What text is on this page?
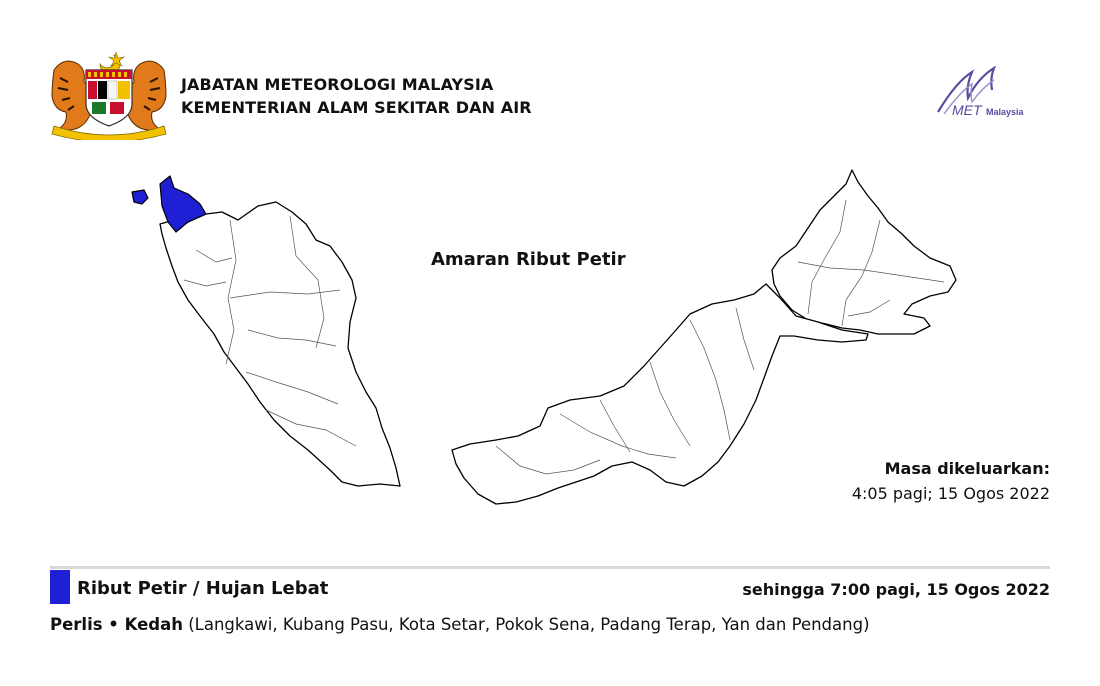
JABATAN METEOROLOGI MALAYSIA
KEMENTERIAN ALAM SEKITAR DAN AIR	MET Malaysia
Amaran Ribut Petir
Masa dikeluarkan:
4:05 pagi; 15 Ogos 2022
Ribut Petir / Hujan Lebat	sehingga 7:00 pagi, 15 Ogos 2022
Perlis • Kedah (Langkawi, Kubang Pasu, Kota Setar, Pokok Sena, Padang Terap, Yan dan Pendang)
